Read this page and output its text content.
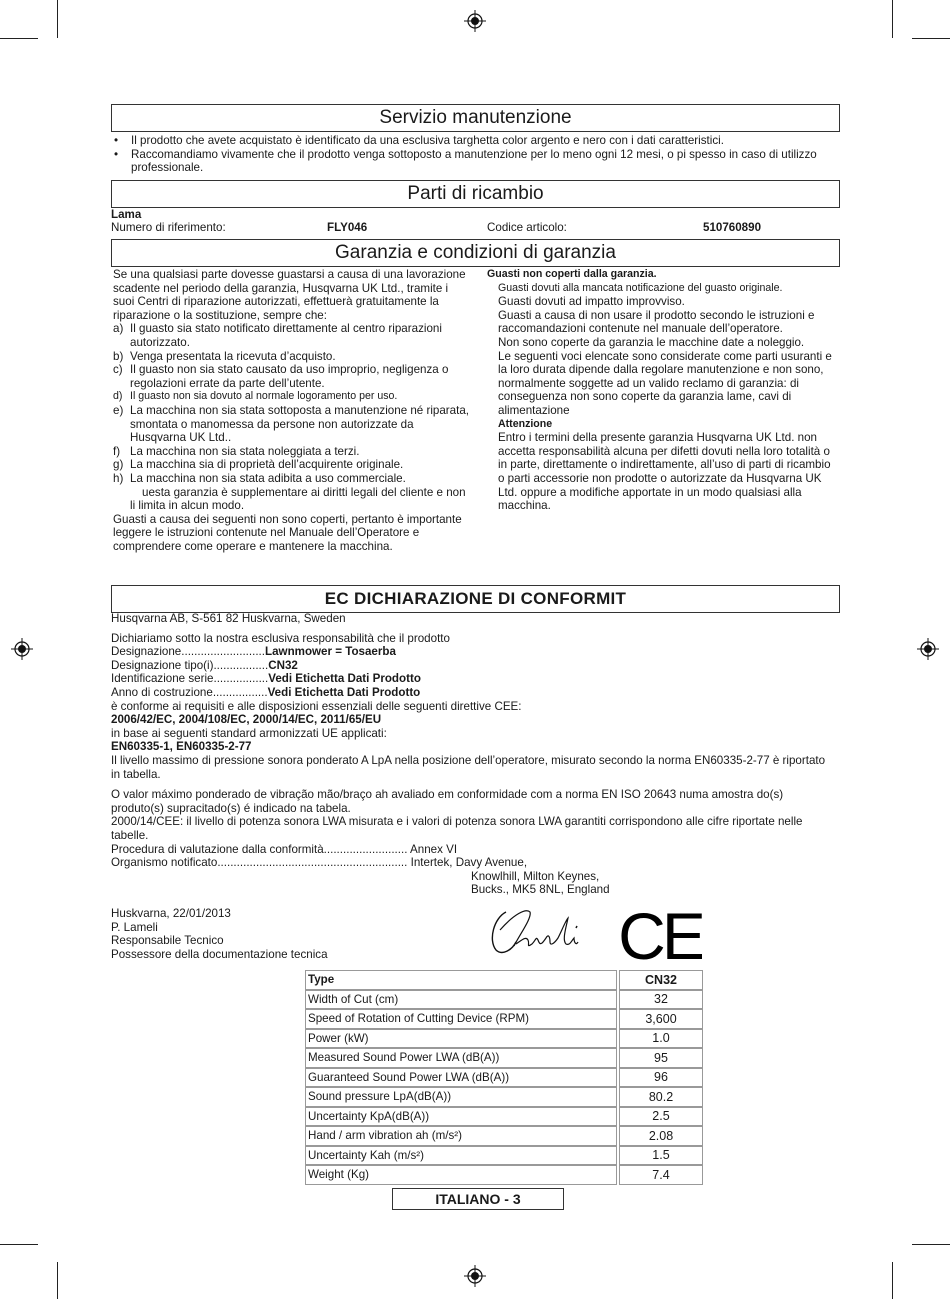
Servizio manutenzione
• Il prodotto che avete acquistato è identificato da una esclusiva targhetta color argento e nero con i dati caratteristici.
• Raccomandiamo vivamente che il prodotto venga sottoposto a manutenzione per lo meno ogni 12 mesi, o pi spesso in caso di utilizzo professionale.
Parti di ricambio
Lama
Numero di riferimento:	FLY046	Codice articolo:	510760890
Garanzia e condizioni di garanzia

Se una qualsiasi parte dovesse guastarsi a causa di una lavorazione scadente nel periodo della garanzia, Husqvarna UK Ltd., tramite i suoi Centri di riparazione autorizzati, effettuerà gratuitamente la riparazione o la sostituzione, sempre che:

a) Il guasto sia stato notificato direttamente al centro riparazioni autorizzato.
b) Venga presentata la ricevuta d’acquisto.
c) Il guasto non sia stato causato da uso improprio, negligenza o regolazioni errate da parte dell’utente.
d) Il guasto non sia dovuto al normale logoramento per uso.
e) La macchina non sia stata sottoposta a manutenzione né riparata, smontata o manomessa da persone non autorizzate da Husqvarna UK Ltd..
f) La macchina non sia stata noleggiata a terzi.
g) La macchina sia di proprietà dell’acquirente originale.
h) La macchina non sia stata adibita a uso commerciale.

uesta garanzia è supplementare ai diritti legali del cliente e non li limita in alcun modo.

Guasti a causa dei seguenti non sono coperti, pertanto è importante leggere le istruzioni contenute nel Manuale dell’Operatore e comprendere come operare e mantenere la macchina.

Guasti non coperti dalla garanzia.

Guasti dovuti alla mancata notificazione del guasto originale.

Guasti dovuti ad impatto improvviso.

Guasti a causa di non usare il prodotto secondo le istruzioni e raccomandazioni contenute nel manuale dell’operatore.

Non sono coperte da garanzia le macchine date a noleggio.

Le seguenti voci elencate sono considerate come parti usuranti e la loro durata dipende dalla regolare manutenzione e non sono, normalmente soggette ad un valido reclamo di garanzia: di conseguenza non sono coperte da garanzia lame, cavi di alimentazione

Attenzione

Entro i termini della presente garanzia Husqvarna UK Ltd. non accetta responsabilità alcuna per difetti dovuti nella loro totalità o in parte, direttamente o indirettamente, all’uso di parti di ricambio o parti accessorie non prodotte o autorizzate da Husqvarna UK Ltd. oppure a modifiche apportate in un modo qualsiasi alla macchina.

EC DICHIARAZIONE DI CONFORMIT
Husqvarna AB, S-561 82 Huskvarna, Sweden
Dichiariamo sotto la nostra esclusiva responsabilità che il prodotto
Designazione..........................Lawnmower = Tosaerba
Designazione tipo(i).................CN32
Identificazione serie.................Vedi Etichetta Dati Prodotto
Anno di costruzione.................Vedi Etichetta Dati Prodotto
è conforme ai requisiti e alle disposizioni essenziali delle seguenti direttive CEE:
2006/42/EC, 2004/108/EC, 2000/14/EC, 2011/65/EU
in base ai seguenti standard armonizzati UE applicati:
EN60335-1, EN60335-2-77
Il livello massimo di pressione sonora ponderato A LpA nella posizione dell’operatore, misurato secondo la norma EN60335-2-77 è riportato in tabella.
O valor máximo ponderado de vibração mão/braço ah avaliado em conformidade com a norma EN ISO 20643 numa amostra do(s) produto(s) supracitado(s) é indicado na tabela.
2000/14/CEE: il livello di potenza sonora LWA misurata e i valori di potenza sonora LWA garantiti corrispondono alle cifre riportate nelle tabelle.
Procedura di valutazione dalla conformità.......................... Annex VI
Organismo notificato........................................................... Intertek, Davy Avenue,
Knowlhill, Milton Keynes,
Bucks., MK5 8NL, England
Huskvarna, 22/01/2013
P. Lameli
Responsabile Tecnico
Possessore della documentazione tecnica	CE
Type	CN32
Width of Cut (cm)	32
Speed of Rotation of Cutting Device (RPM)	3,600
Power (kW)	1.0
Measured Sound Power LWA (dB(A))	95
Guaranteed Sound Power LWA (dB(A))	96
Sound pressure LpA(dB(A))	80.2
Uncertainty KpA(dB(A))	2.5
Hand / arm vibration ah (m/s²)	2.08
Uncertainty Kah (m/s²)	1.5
Weight (Kg)	7.4
ITALIANO - 3
